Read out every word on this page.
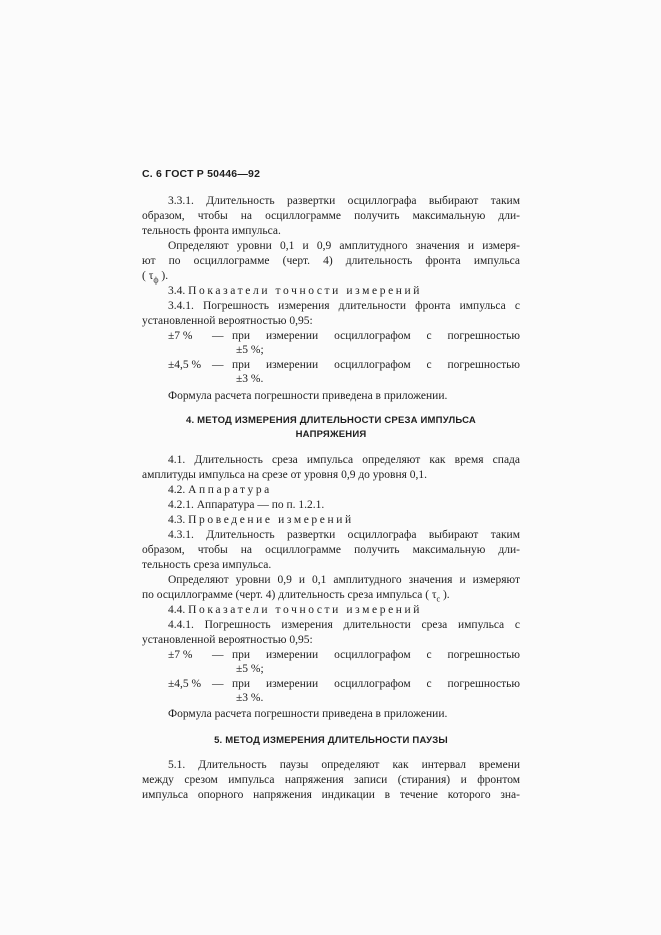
С. 6 ГОСТ Р 50446—92
3.3.1. Длительность развертки осциллографа выбирают таким
образом, чтобы на осциллограмме получить максимальную дли-
тельность фронта импульса.
Определяют уровни 0,1 и 0,9 амплитудного значения и измеря-
ют по осциллограмме (черт. 4) длительность фронта импульса
( $\tau_ф$ ).
3.4. Показатели точности измерений
3.4.1. Погрешность измерения длительности фронта импульса с
установленной вероятностью 0,95:
±7 % — при измерении осциллографом с погрешностью
±5 %;
±4,5 % — при измерении осциллографом с погрешностью
±3 %.
Формула расчета погрешности приведена в приложении.
4. МЕТОД ИЗМЕРЕНИЯ ДЛИТЕЛЬНОСТИ СРЕЗА ИМПУЛЬСА
НАПРЯЖЕНИЯ
4.1. Длительность среза импульса определяют как время спада
амплитуды импульса на срезе от уровня 0,9 до уровня 0,1.
4.2. Аппаратура
4.2.1. Аппаратура — по п. 1.2.1.
4.3. Проведение измерений
4.3.1. Длительность развертки осциллографа выбирают таким
образом, чтобы на осциллограмме получить максимальную дли-
тельность среза импульса.
Определяют уровни 0,9 и 0,1 амплитудного значения и измеряют
по осциллограмме (черт. 4) длительность среза импульса ( $\tau_с$ ).
4.4. Показатели точности измерений
4.4.1. Погрешность измерения длительности среза импульса с
установленной вероятностью 0,95:
±7 % — при измерении осциллографом с погрешностью
±5 %;
±4,5 % — при измерении осциллографом с погрешностью
±3 %.
Формула расчета погрешности приведена в приложении.
5. МЕТОД ИЗМЕРЕНИЯ ДЛИТЕЛЬНОСТИ ПАУЗЫ
5.1. Длительность паузы определяют как интервал времени
между срезом импульса напряжения записи (стирания) и фронтом
импульса опорного напряжения индикации в течение которого зна-
